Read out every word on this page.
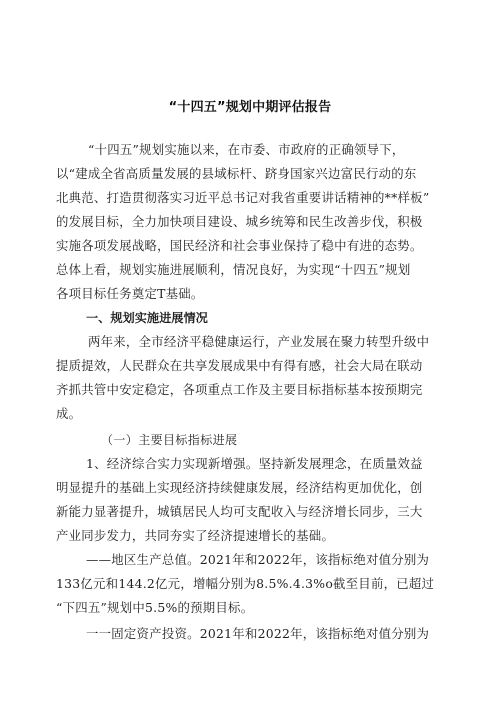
“十四五”规划中期评估报告
“十四五”规划实施以来，在市委、市政府的正确领导下，
以“建成全省高质量发展的县域标杆、跻身国家兴边富民行动的东
北典范、打造贯彻落实习近平总书记对我省重要讲话精神的**样板”
的发展目标，全力加快项目建设、城乡统筹和民生改善步伐，积极
实施各项发展战略，国民经济和社会事业保持了稳中有进的态势。
总体上看，规划实施进展顺利，情况良好，为实现“十四五”规划
各项目标任务奠定T基础。
一、规划实施进展情况
两年来，全市经济平稳健康运行，产业发展在聚力转型升级中
提质提效，人民群众在共享发展成果中有得有感，社会大局在联动
齐抓共管中安定稳定，各项重点工作及主要目标指标基本按预期完
成。
（一）主要目标指标进展
1、经济综合实力实现新增强。坚持新发展理念，在质量效益
明显提升的基础上实现经济持续健康发展，经济结构更加优化，创
新能力显著提升，城镇居民人均可支配收入与经济增长同步，三大
产业同步发力，共同夯实了经济提速增长的基础。
——地区生产总值。2021年和2022年，该指标绝对值分别为
133亿元和144.2亿元，增幅分别为8.5%.4.3%o截至目前，已超过
“下四五”规划中5.5%的预期目标。
一一固定资产投资。2021年和2022年，该指标绝对值分别为
